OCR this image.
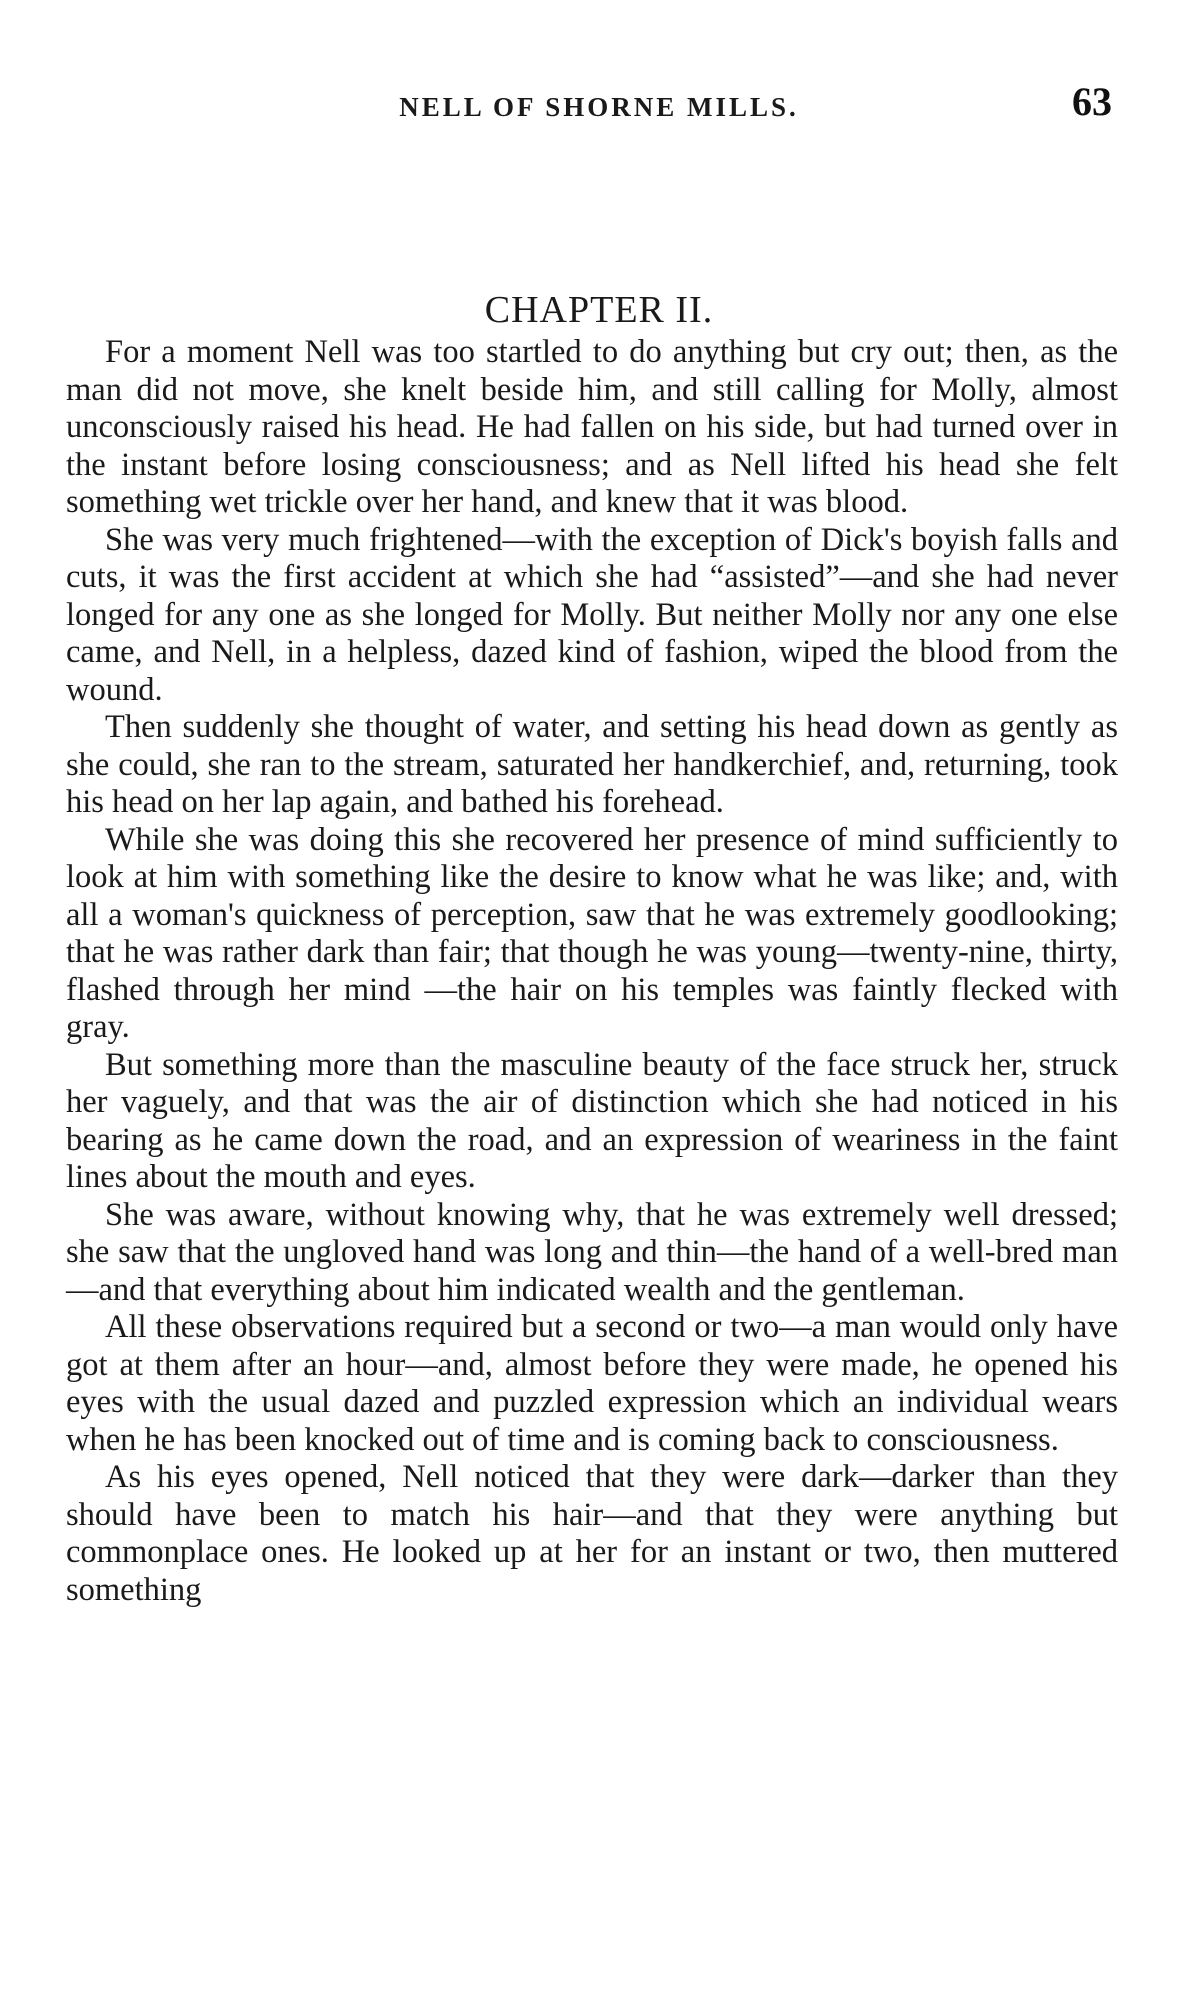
NELL OF SHORNE MILLS.	63
CHAPTER II.

For a moment Nell was too startled to do anything but cry out; then, as the man did not move, she knelt beside him, and still calling for Molly, almost unconsciously raised his head. He had fallen on his side, but had turned over in the instant before losing consciousness; and as Nell lifted his head she felt something wet trickle over her hand, and knew that it was blood.

She was very much frightened—with the exception of Dick's boyish falls and cuts, it was the first accident at which she had “assisted”—and she had never longed for any one as she longed for Molly. But neither Molly nor any one else came, and Nell, in a helpless, dazed kind of fashion, wiped the blood from the wound.

Then suddenly she thought of water, and setting his head down as gently as she could, she ran to the stream, saturated her handkerchief, and, returning, took his head on her lap again, and bathed his forehead.

While she was doing this she recovered her presence of mind sufficiently to look at him with something like the desire to know what he was like; and, with all a woman's quickness of perception, saw that he was extremely goodlooking; that he was rather dark than fair; that though he was young—twenty-nine, thirty, flashed through her mind —the hair on his temples was faintly flecked with gray.

But something more than the masculine beauty of the face struck her, struck her vaguely, and that was the air of distinction which she had noticed in his bearing as he came down the road, and an expression of weariness in the faint lines about the mouth and eyes.

She was aware, without knowing why, that he was extremely well dressed; she saw that the ungloved hand was long and thin—the hand of a well-bred man—and that everything about him indicated wealth and the gentleman.

All these observations required but a second or two—a man would only have got at them after an hour—and, almost before they were made, he opened his eyes with the usual dazed and puzzled expression which an individual wears when he has been knocked out of time and is coming back to consciousness.

As his eyes opened, Nell noticed that they were dark—darker than they should have been to match his hair—and that they were anything but commonplace ones. He looked up at her for an instant or two, then muttered something
